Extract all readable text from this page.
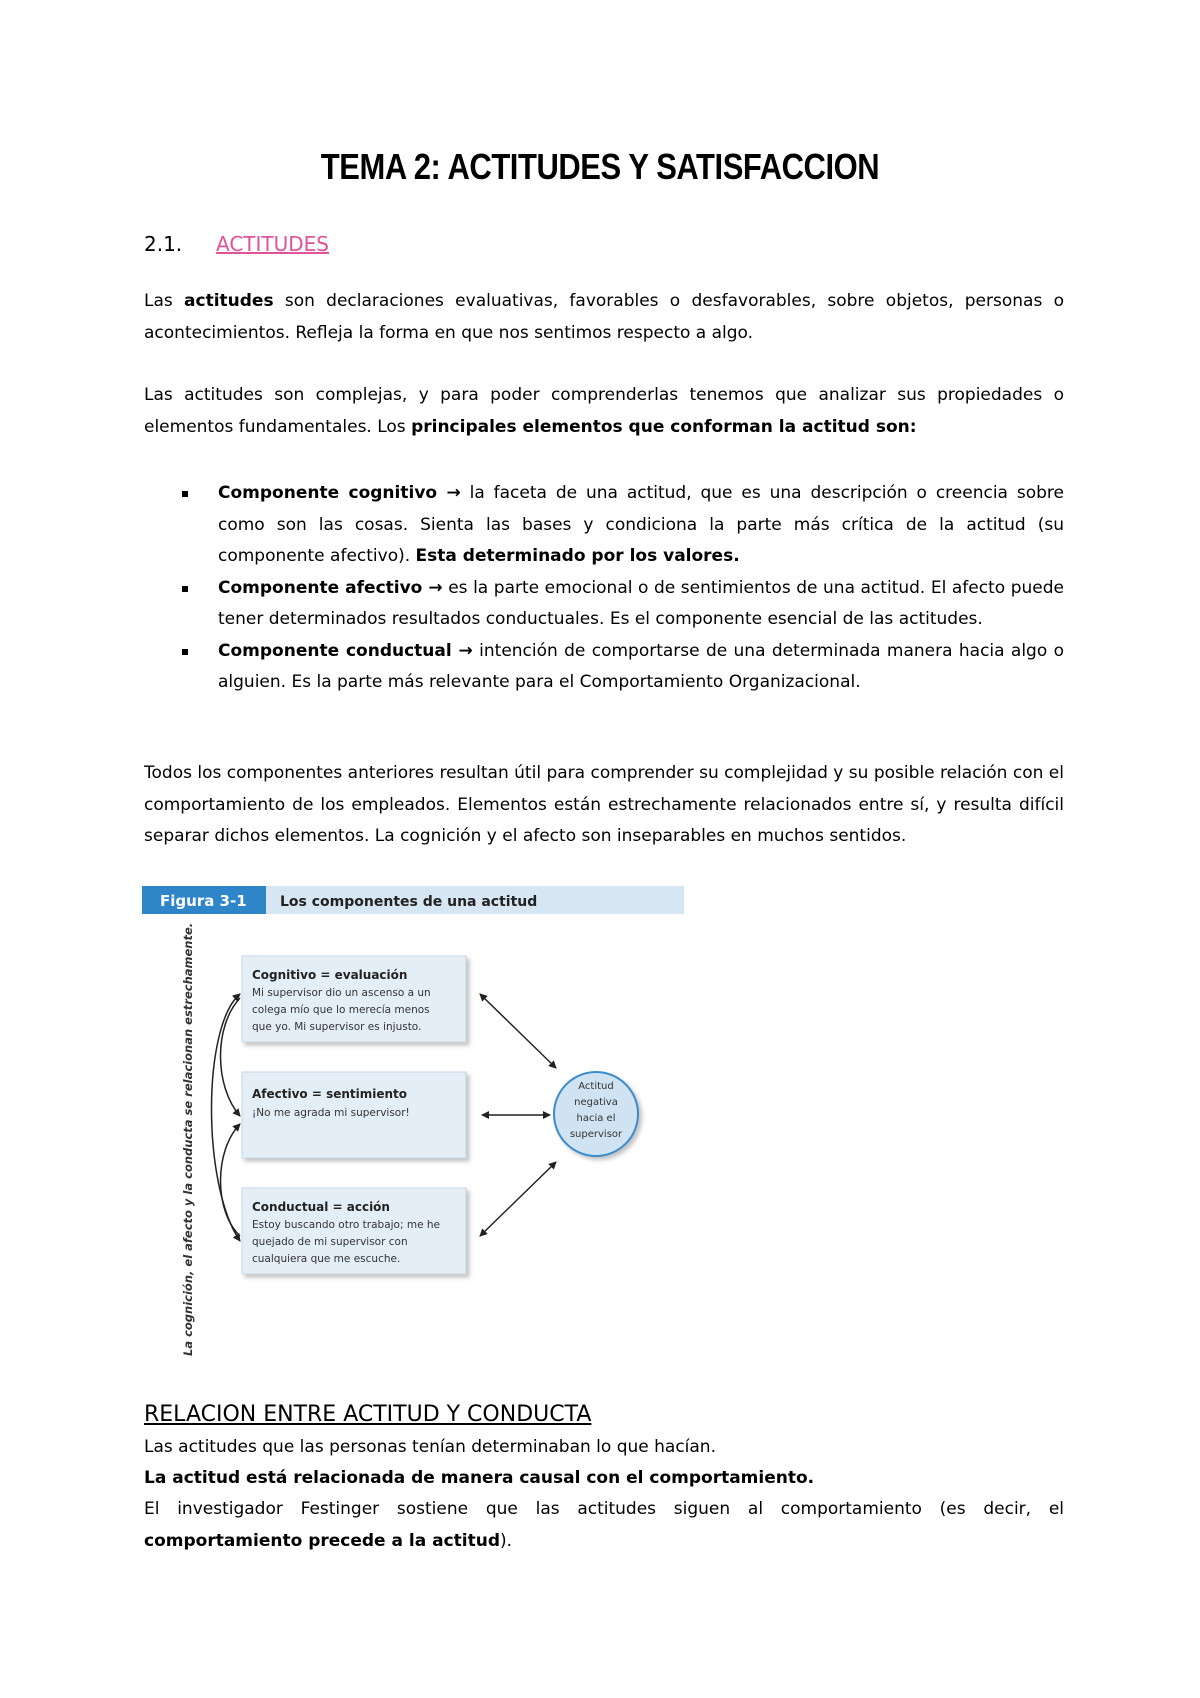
TEMA 2: ACTITUDES Y SATISFACCION
2.1. ACTITUDES

Las actitudes son declaraciones evaluativas, favorables o desfavorables, sobre objetos, personas o acontecimientos. Refleja la forma en que nos sentimos respecto a algo.

Las actitudes son complejas, y para poder comprenderlas tenemos que analizar sus propiedades o elementos fundamentales. Los principales elementos que conforman la actitud son:

Componente cognitivo → la faceta de una actitud, que es una descripción o creencia sobre como son las cosas. Sienta las bases y condiciona la parte más crítica de la actitud (su componente afectivo). Esta determinado por los valores.
Componente afectivo → es la parte emocional o de sentimientos de una actitud. El afecto puede tener determinados resultados conductuales. Es el componente esencial de las actitudes.
Componente conductual → intención de comportarse de una determinada manera hacia algo o alguien. Es la parte más relevante para el Comportamiento Organizacional.

Todos los componentes anteriores resultan útil para comprender su complejidad y su posible relación con el comportamiento de los empleados. Elementos están estrechamente relacionados entre sí, y resulta difícil separar dichos elementos. La cognición y el afecto son inseparables en muchos sentidos.

Figura 3-1 Los componentes de una actitud
La cognición, el afecto y la conducta se relacionan estrechamente.	Cognitivo = evaluación
Mi supervisor dio un ascenso a un
colega mío que lo merecía menos
que yo. Mi supervisor es injusto.
Afectivo = sentimiento
¡No me agrada mi supervisor!
Conductual = acción
Estoy buscando otro trabajo; me he
quejado de mi supervisor con
cualquiera que me escuche.
Actitud
negativa
hacia el
supervisor
RELACION ENTRE ACTITUD Y CONDUCTA

Las actitudes que las personas tenían determinaban lo que hacían.

La actitud está relacionada de manera causal con el comportamiento.

El investigador Festinger sostiene que las actitudes siguen al comportamiento (es decir, el comportamiento precede a la actitud).
